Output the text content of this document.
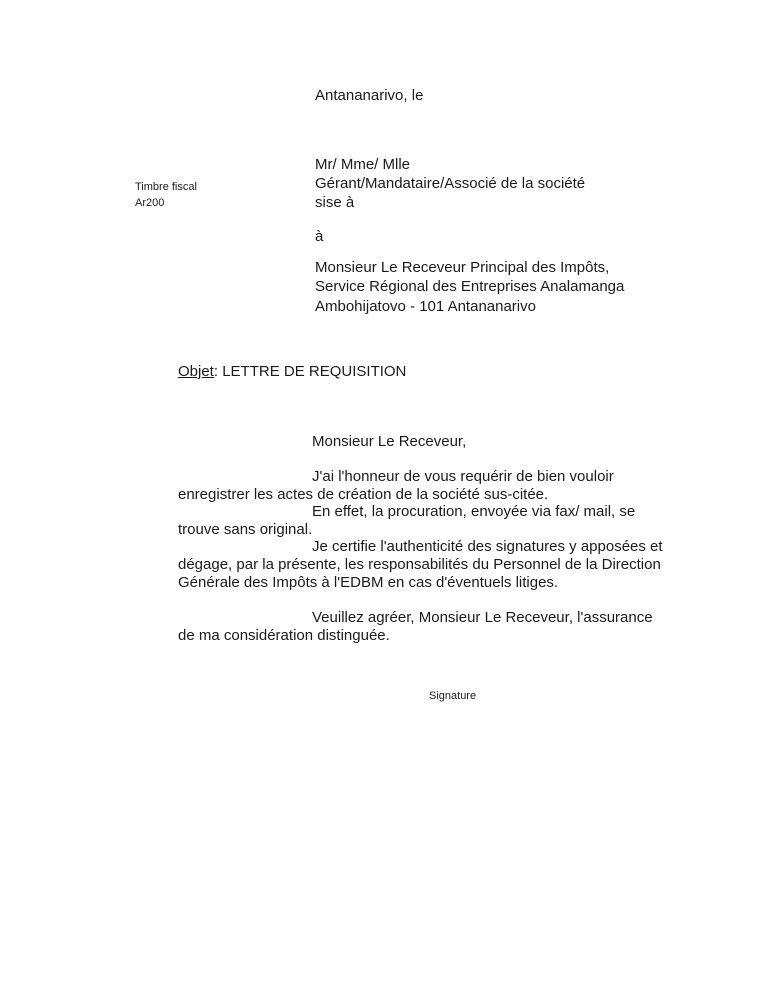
Antananarivo, le
Timbre fiscal
Ar200
Mr/ Mme/ Mlle
Gérant/Mandataire/Associé de la société
sise à
à
Monsieur Le Receveur Principal des Impôts,
Service Régional des Entreprises Analamanga
Ambohijatovo - 101 Antananarivo
Objet: LETTRE DE REQUISITION
Monsieur Le Receveur,
J'ai l'honneur de vous requérir de bien vouloir enregistrer les actes de création de la société sus-citée.
En effet, la procuration, envoyée via fax/ mail, se trouve sans original.
Je certifie l'authenticité des signatures y apposées et dégage, par la présente, les responsabilités du Personnel de la Direction Générale des Impôts à l'EDBM en cas d'éventuels litiges.
Veuillez agréer, Monsieur Le Receveur, l'assurance de ma considération distinguée.
Signature
